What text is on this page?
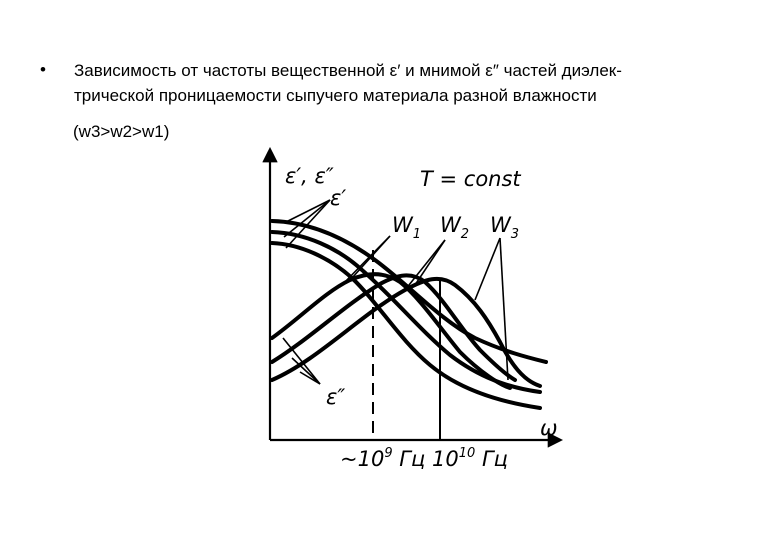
• Зависимость от частоты вещественной ε′ и мнимой ε″ частей диэлек-
трической проницаемости сыпучего материала разной влажности
(w3>w2>w1)
ε′, ε″
ω
T = const
ε′
ε″
$W_1$ $W_2$ $W_3$
$\sim 10^9$ Гц $10^{10}$ Гц
